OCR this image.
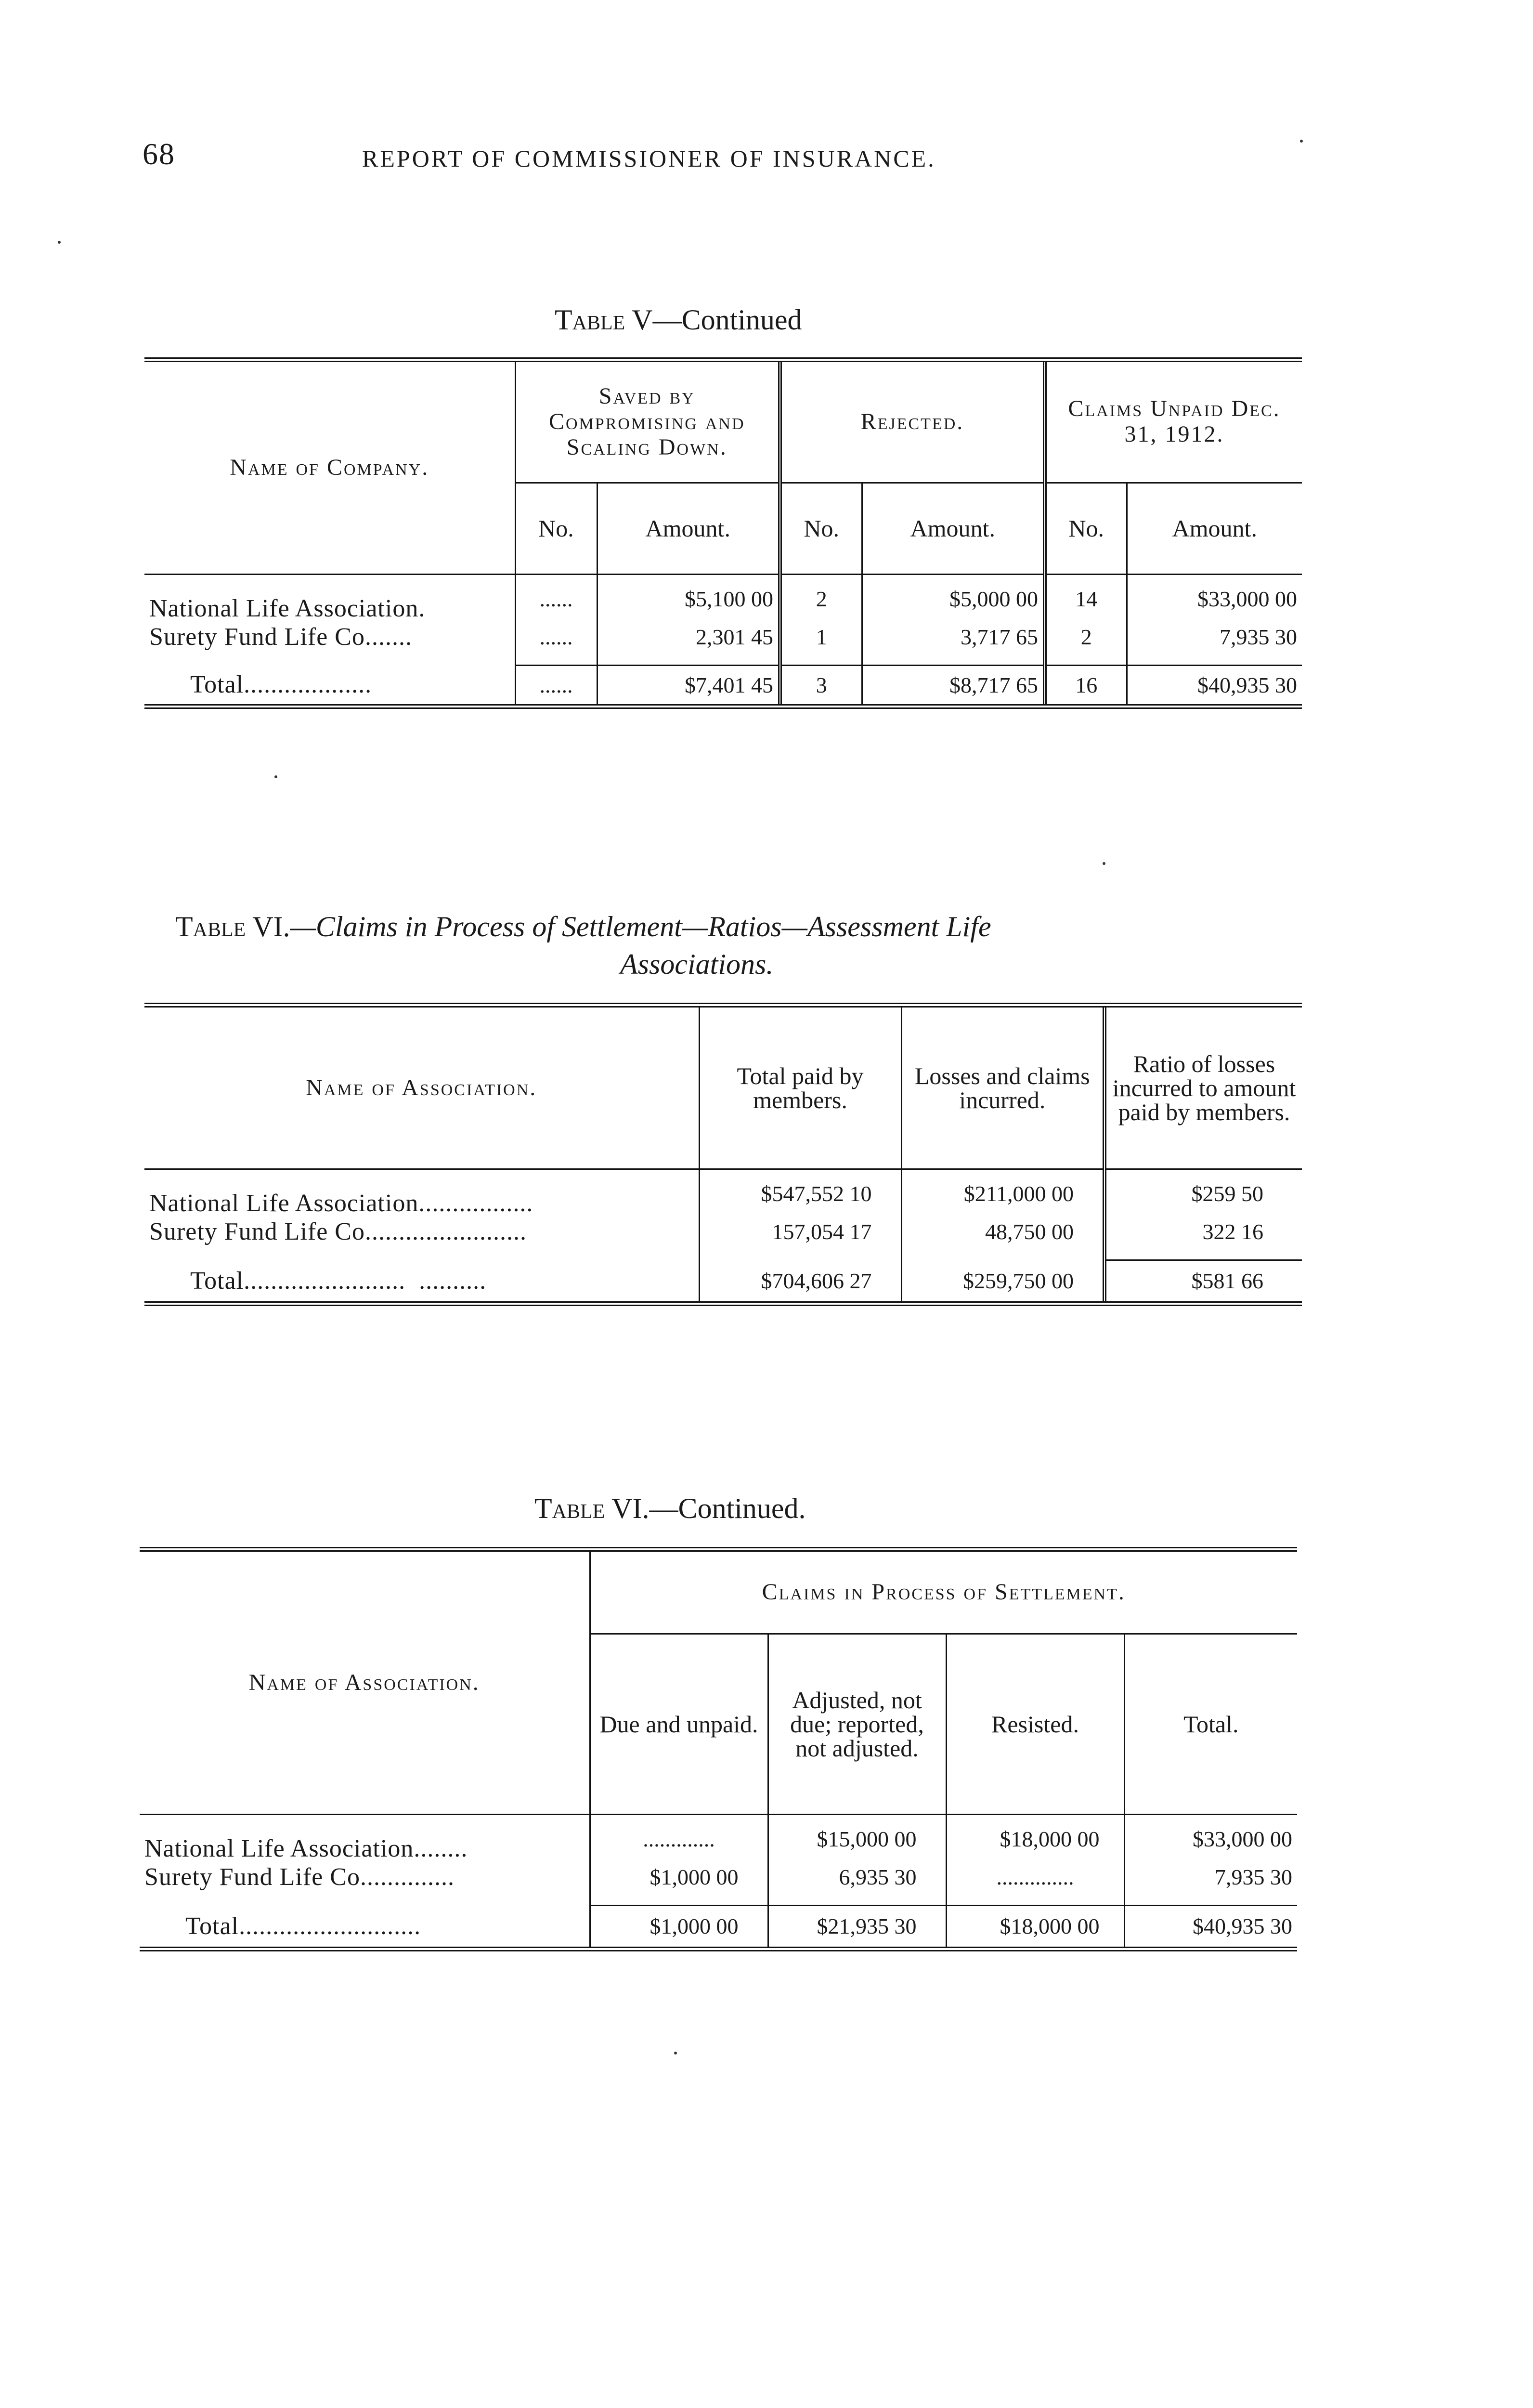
68	REPORT OF COMMISSIONER OF INSURANCE.
Table V—Continued
Name of Company.	Saved by Compromising and Scaling Down.		Rejected.		Claims Unpaid Dec. 31, 1912.	
	No.	Amount.	No.	Amount.	No.	Amount.
National Life Association.	......	$5,100 00	2	$5,000 00	14	$33,000 00
Surety Fund Life Co.......	......	2,301 45	1	3,717 65	2	7,935 30

Total...................	......	$7,401 45	3	$8,717 65	16	$40,935 30
Table VI.—Claims in Process of Settlement—Ratios—Assessment Life
Associations.
Name of Association.	Total paid by members.	Losses and claims incurred.	Ratio of losses incurred to amount paid by members.
National Life Association.................	$547,552 10	$211,000 00	$259 50
Surety Fund Life Co........................	157,054 17	48,750 00	322 16

Total........................  ..........	$704,606 27	$259,750 00	$581 66
Table VI.—Continued.
Name of Association.	Claims in Process of Settlement.			
	Due and unpaid.	Adjusted, not due; reported, not adjusted.	Resisted.	Total.
National Life Association........	.............	$15,000 00	$18,000 00	$33,000 00
Surety Fund Life Co..............	$1,000 00	6,935 30	..............	7,935 30

Total...........................	$1,000 00	$21,935 30	$18,000 00	$40,935 30
